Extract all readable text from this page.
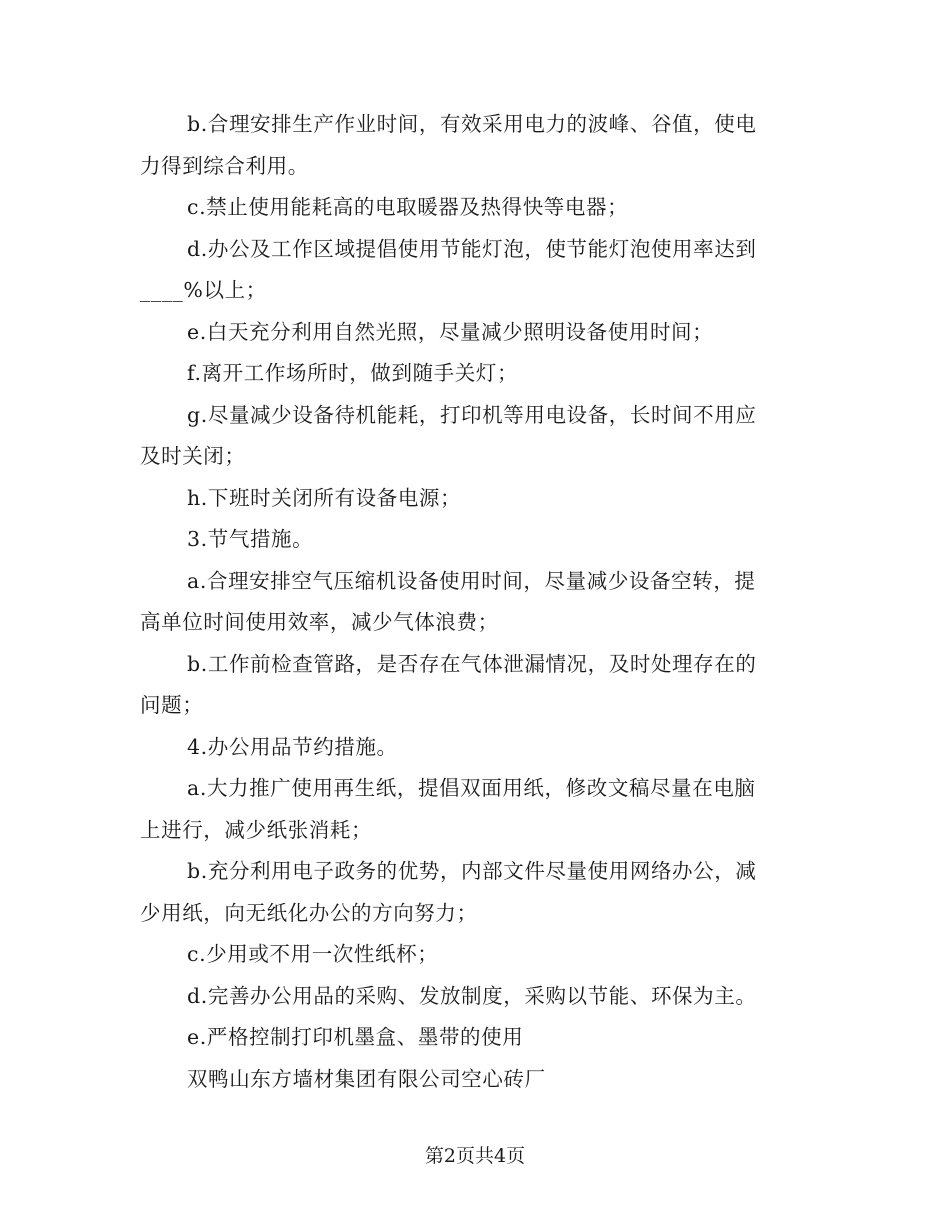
b.合理安排生产作业时间，有效采用电力的波峰、谷值，使电力得到综合利用。

c.禁止使用能耗高的电取暖器及热得快等电器；

d.办公及工作区域提倡使用节能灯泡，使节能灯泡使用率达到____%以上；

e.白天充分利用自然光照，尽量减少照明设备使用时间；

f.离开工作场所时，做到随手关灯；

g.尽量减少设备待机能耗，打印机等用电设备，长时间不用应及时关闭；

h.下班时关闭所有设备电源；

3.节气措施。

a.合理安排空气压缩机设备使用时间，尽量减少设备空转，提高单位时间使用效率，减少气体浪费；

b.工作前检查管路，是否存在气体泄漏情况，及时处理存在的问题；

4.办公用品节约措施。

a.大力推广使用再生纸，提倡双面用纸，修改文稿尽量在电脑上进行，减少纸张消耗；

b.充分利用电子政务的优势，内部文件尽量使用网络办公，减少用纸，向无纸化办公的方向努力；

c.少用或不用一次性纸杯；

d.完善办公用品的采购、发放制度，采购以节能、环保为主。

e.严格控制打印机墨盒、墨带的使用

双鸭山东方墙材集团有限公司空心砖厂

第2页共4页
